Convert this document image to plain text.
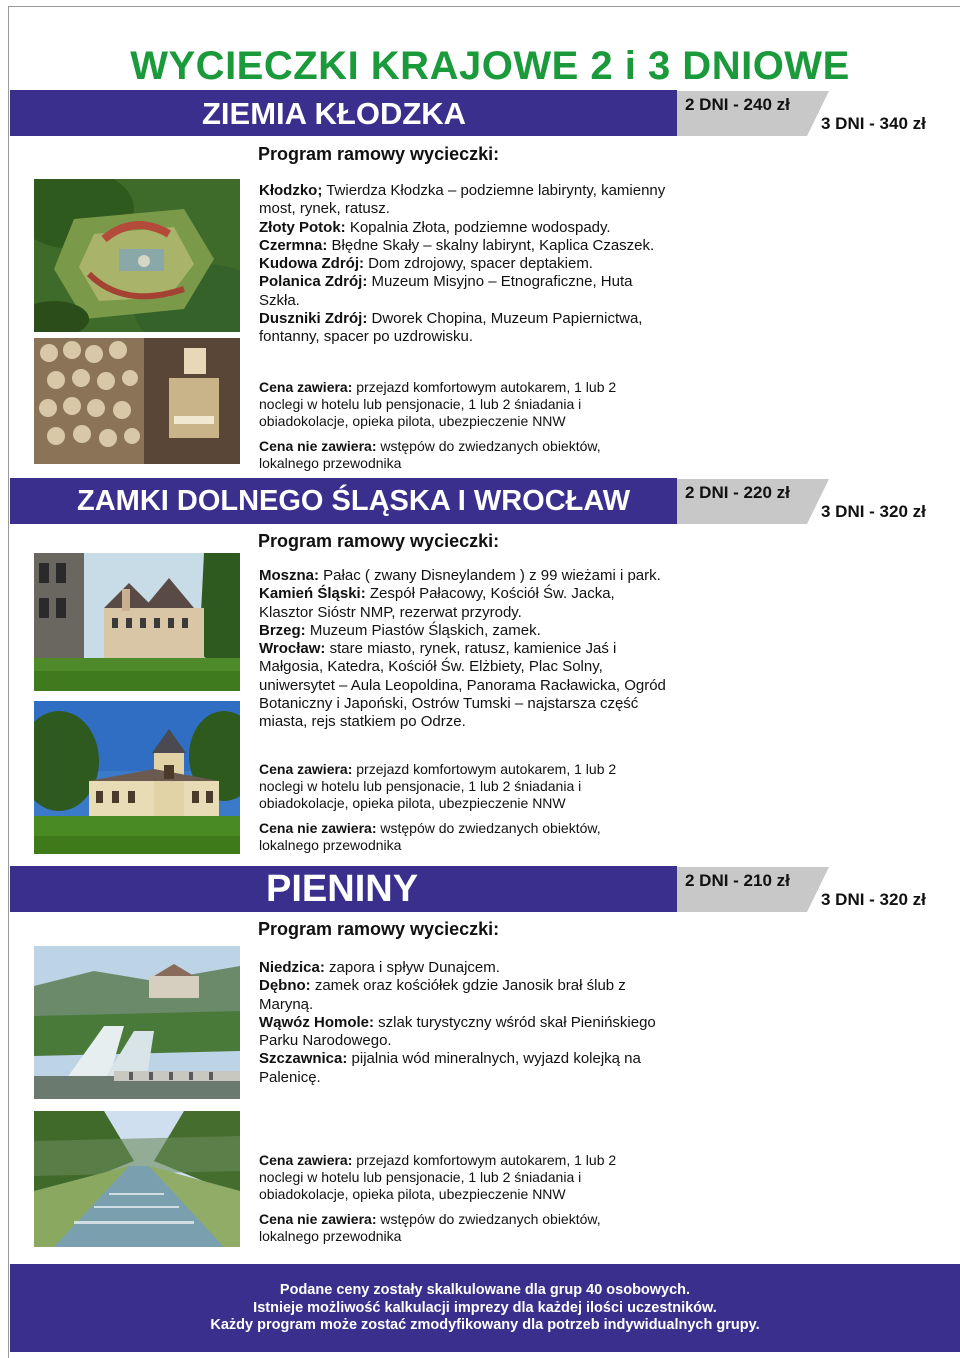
WYCIECZKI KRAJOWE 2 i 3 DNIOWE
ZIEMIA KŁODZKA	2 DNI - 240 zł
3 DNI - 340 zł
Program ramowy wycieczki:

Kłodzko; Twierdza Kłodzka – podziemne labirynty, kamienny most, rynek, ratusz.

Złoty Potok: Kopalnia Złota, podziemne wodospady.

Czermna: Błędne Skały – skalny labirynt, Kaplica Czaszek.

Kudowa Zdrój: Dom zdrojowy, spacer deptakiem.

Polanica Zdrój: Muzeum Misyjno – Etnograficzne, Huta Szkła.

Duszniki Zdrój: Dworek Chopina, Muzeum Papiernictwa, fontanny, spacer po uzdrowisku.

Cena zawiera: przejazd komfortowym autokarem, 1 lub 2 noclegi w hotelu lub pensjonacie, 1 lub 2 śniadania i obiadokolacje, opieka pilota, ubezpieczenie NNW

Cena nie zawiera: wstępów do zwiedzanych obiektów, lokalnego przewodnika

ZAMKI DOLNEGO ŚLĄSKA I WROCŁAW	2 DNI - 220 zł
3 DNI - 320 zł
Program ramowy wycieczki:

Moszna: Pałac ( zwany Disneylandem ) z 99 wieżami i park.

Kamień Śląski: Zespół Pałacowy, Kościół Św. Jacka, Klasztor Sióstr NMP, rezerwat przyrody.

Brzeg: Muzeum Piastów Śląskich, zamek.

Wrocław: stare miasto, rynek, ratusz, kamienice Jaś i Małgosia, Katedra, Kościół Św. Elżbiety, Plac Solny, uniwersytet – Aula Leopoldina, Panorama Racławicka, Ogród Botaniczny i Japoński, Ostrów Tumski – najstarsza część miasta, rejs statkiem po Odrze.

Cena zawiera: przejazd komfortowym autokarem, 1 lub 2 noclegi w hotelu lub pensjonacie, 1 lub 2 śniadania i obiadokolacje, opieka pilota, ubezpieczenie NNW

Cena nie zawiera: wstępów do zwiedzanych obiektów, lokalnego przewodnika

PIENINY	2 DNI - 210 zł
3 DNI - 320 zł
Program ramowy wycieczki:

Niedzica: zapora i spływ Dunajcem.

Dębno: zamek oraz kościółek gdzie Janosik brał ślub z Maryną.

Wąwóz Homole: szlak turystyczny wśród skał Pienińskiego Parku Narodowego.

Szczawnica: pijalnia wód mineralnych, wyjazd kolejką na Palenicę.

Cena zawiera: przejazd komfortowym autokarem, 1 lub 2 noclegi w hotelu lub pensjonacie, 1 lub 2 śniadania i obiadokolacje, opieka pilota, ubezpieczenie NNW

Cena nie zawiera: wstępów do zwiedzanych obiektów, lokalnego przewodnika

Podane ceny zostały skalkulowane dla grup 40 osobowych.
Istnieje możliwość kalkulacji imprezy dla każdej ilości uczestników.
Każdy program może zostać zmodyfikowany dla potrzeb indywidualnych grupy.
